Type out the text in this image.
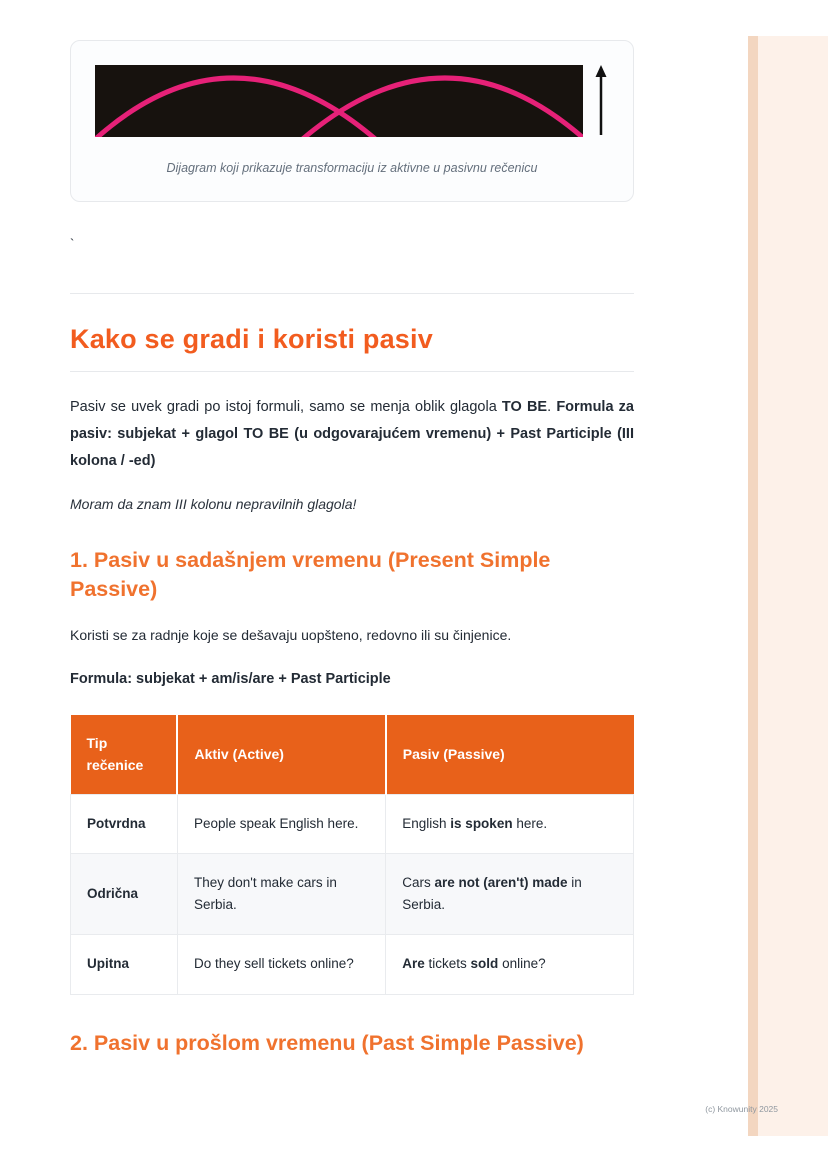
(c) Knowunity 2025
Dijagram koji prikazuje transformaciju iz aktivne u pasivnu rečenicu
`
Kako se gradi i koristi pasiv

Pasiv se uvek gradi po istoj formuli, samo se menja oblik glagola TO BE. Formula za pasiv: subjekat + glagol TO BE (u odgovarajućem vremenu) + Past Participle (III kolona / -ed)

Moram da znam III kolonu nepravilnih glagola!

1. Pasiv u sadašnjem vremenu (Present Simple Passive)

Koristi se za radnje koje se dešavaju uopšteno, redovno ili su činjenice.

Formula: subjekat + am/is/are + Past Participle

Tip rečenice	Aktiv (Active)	Pasiv (Passive)
Potvrdna	People speak English here.	English is spoken here.
Odrična	They don't make cars in Serbia.	Cars are not (aren't) made in Serbia.
Upitna	Do they sell tickets online?	Are tickets sold online?
2. Pasiv u prošlom vremenu (Past Simple Passive)
